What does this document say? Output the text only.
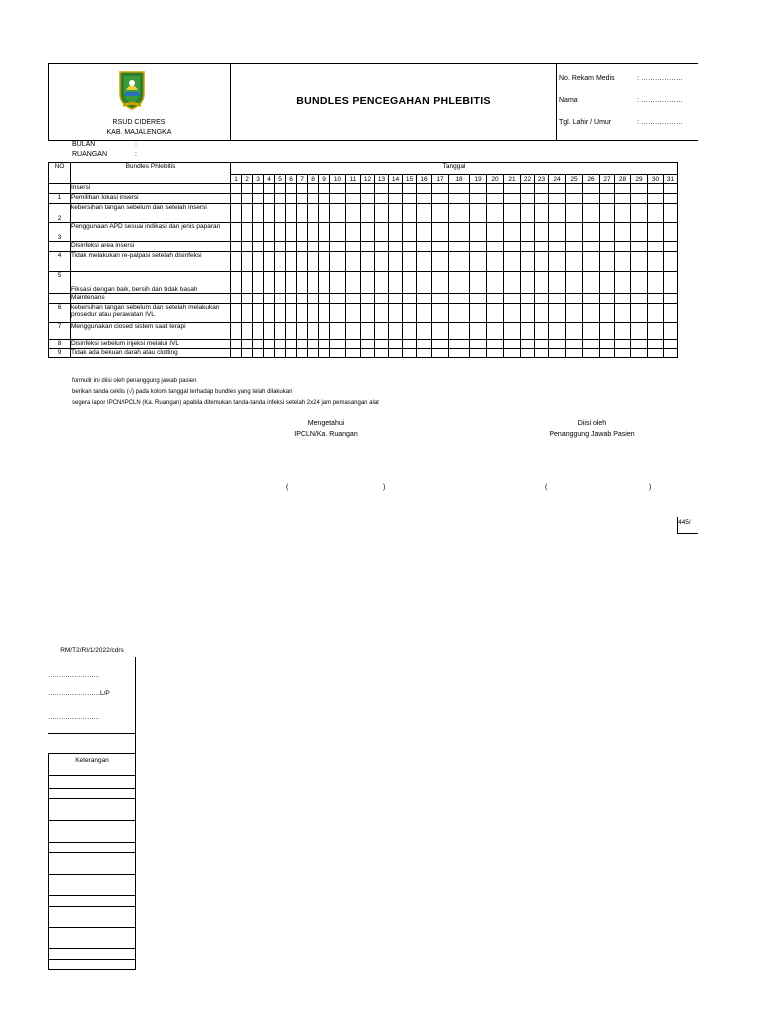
RSUD CIDERES
KAB. MAJALENGKA
BUNDLES PENCEGAHAN PHLEBITIS
No. Rekam Medis	: ………………
Nama	: ………………
Tgl. Lahir / Umur	: ………………
BULAN	:
RUANGAN	:
NO	Bundles Phlebitis	Tanggal																														
		1	2	3	4	5	6	7	8	9	10	11	12	13	14	15	16	17	18	19	20	21	22	23	24	25	26	27	28	29	30	31
	Insersi																															
1	Pemilihan lokasi insersi																															
2	kebersihan tangan sebelum dan setelah insersi																															
3	Penggunaan APD sesuai indikasi dan jenis paparan																															
	Disinfeksi area insersi																															
4	Tidak melakukan re-palpasi setelah disinfeksi																															
5	Fiksasi dengan baik, bersih dan tidak basah																															
	Maintenans																															
6	kebersihan tangan sebelum dan setelah melakukan prosedur atau perawatan IVL																															
7	Menggunakan closed sistem saat terapi																															
8	Disinfeksi sebelum injeksi melalui IVL																															
9	Tidak ada bekuan darah atau clotting																															
formulir ini diisi oleh penanggung jawab pasien
berikan tanda ceklis (√) pada kolom tanggal terhadap bundles yang telah dilakukan
segera lapor IPCN/IPCLN (Ka. Ruangan) apabila ditemukan tanda-tanda infeksi setelah 2x24 jam pemasangan alat
Mengetahui
IPCLN/Ka. Ruangan
(	)
Diisi oleh
Penanggung Jawab Pasien
(	)
445/
RM/T2/RI/1/2022/cdrs
……………………
……………………L/P
……………………
Keterangan
